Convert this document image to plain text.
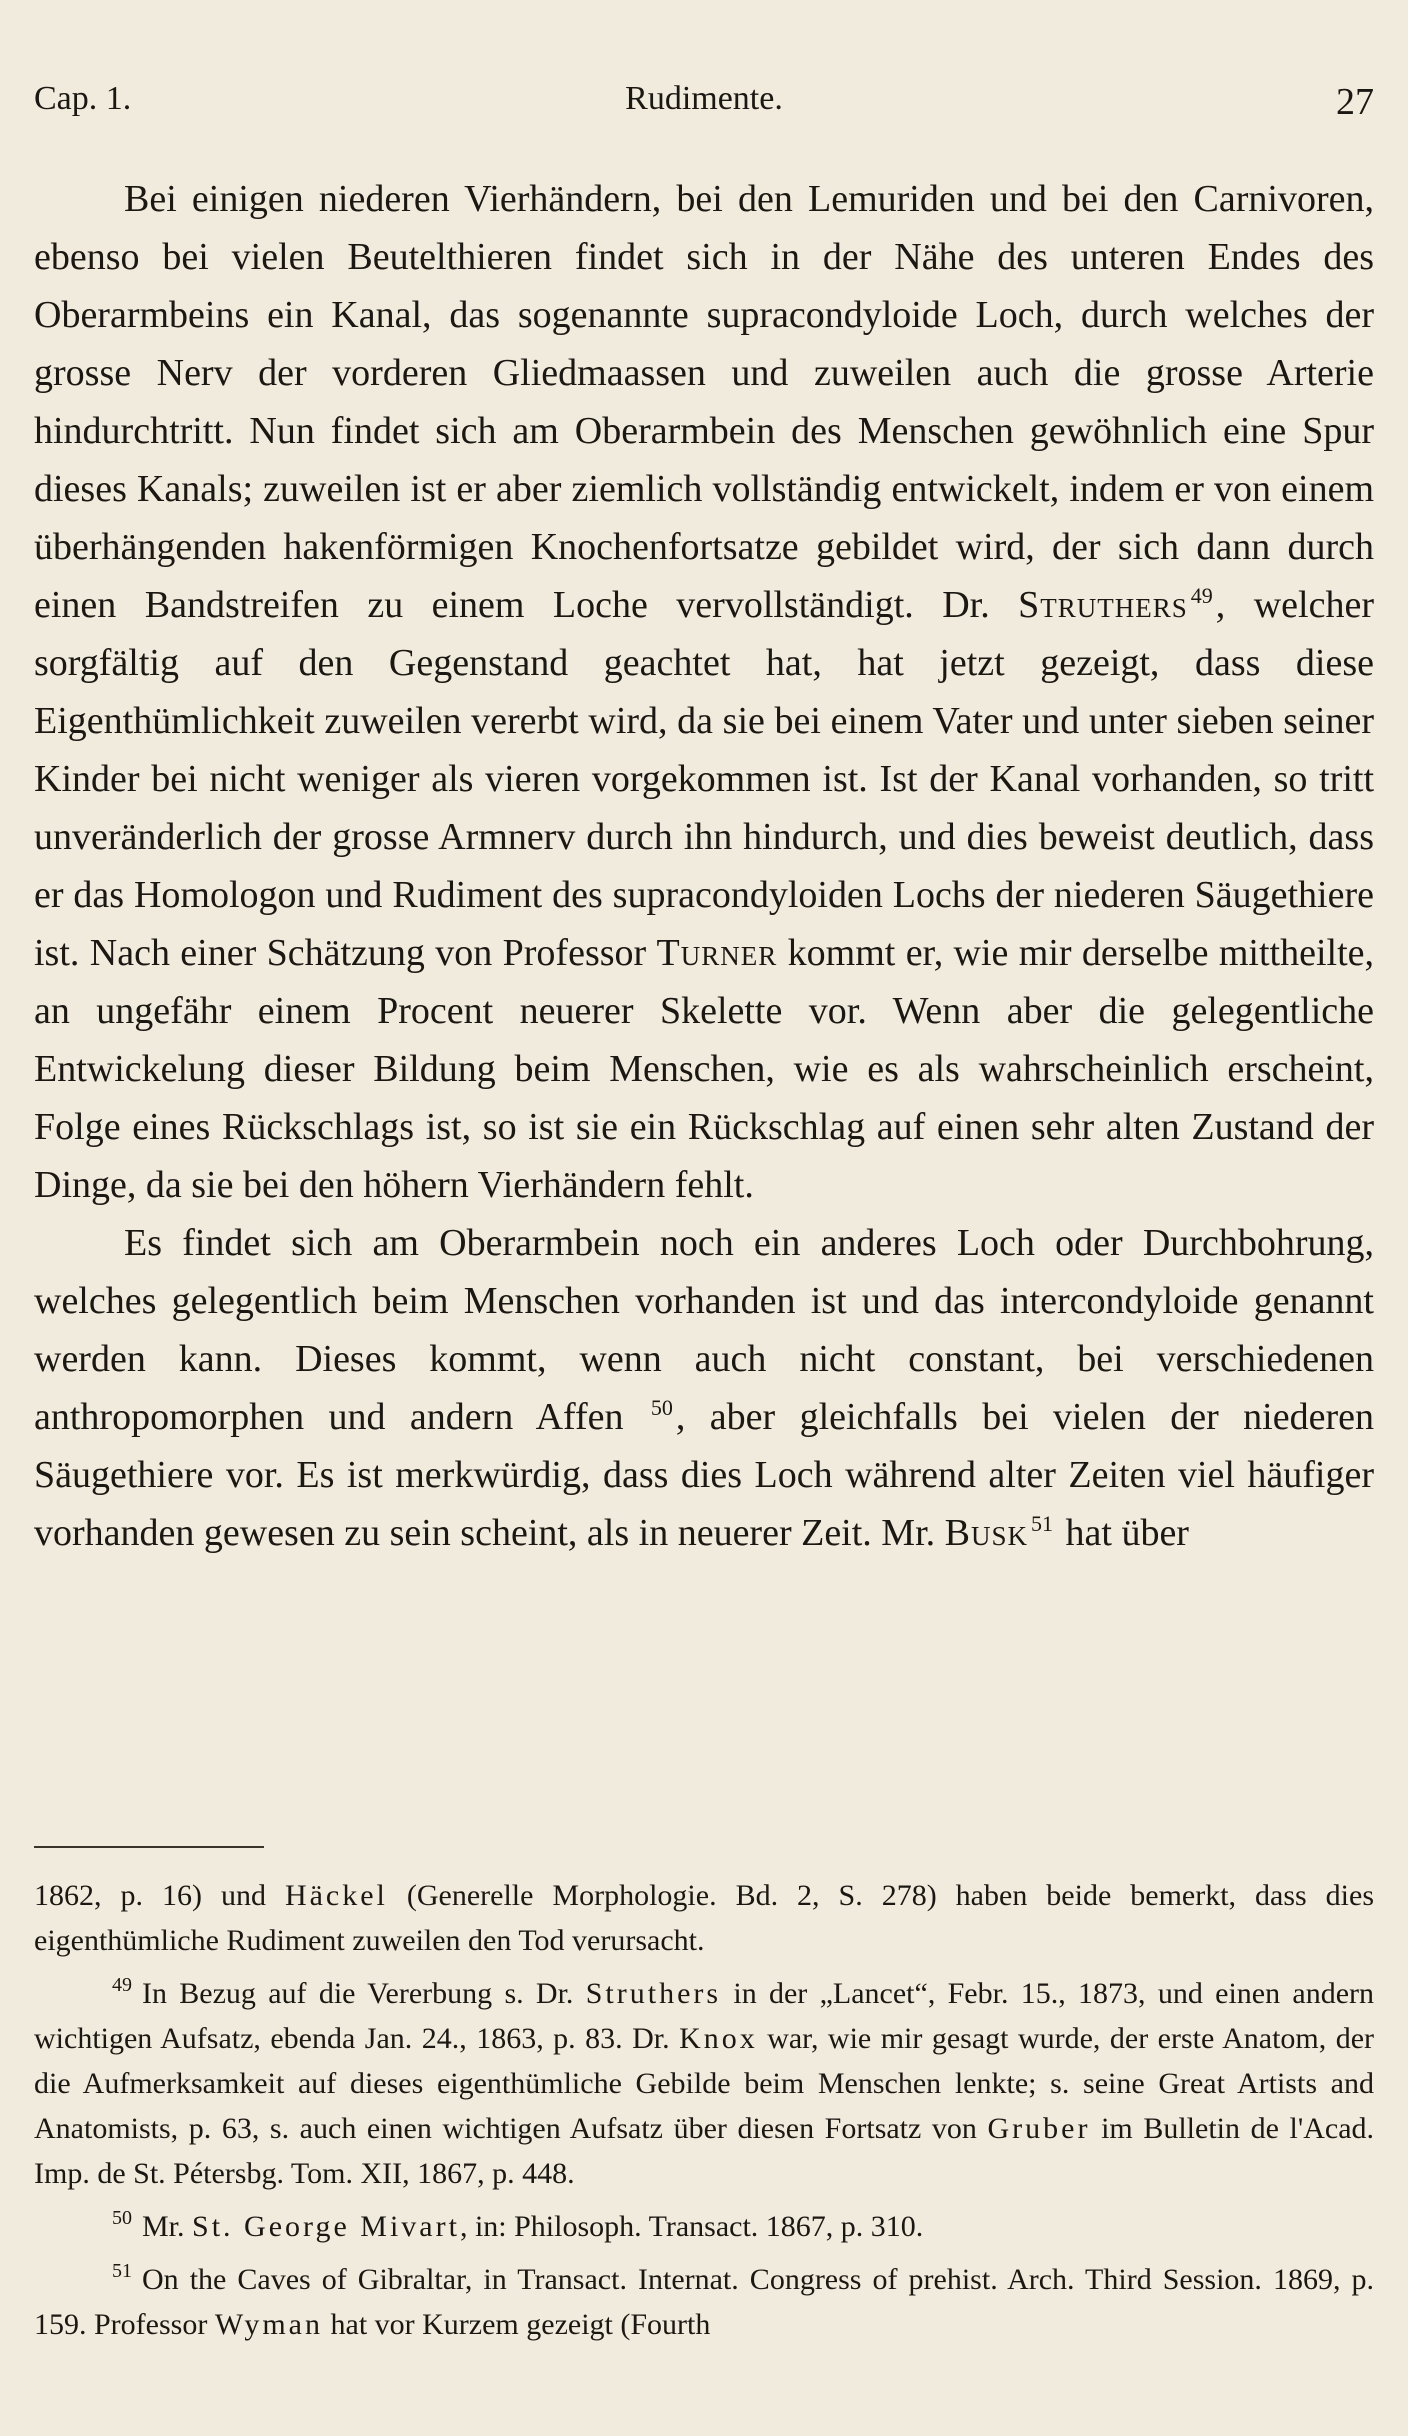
Cap. 1.	Rudimente.	27

Bei einigen niederen Vierhändern, bei den Lemuriden und bei den Carnivoren, ebenso bei vielen Beutelthieren findet sich in der Nähe des unteren Endes des Oberarmbeins ein Kanal, das sogenannte supracondyloide Loch, durch welches der grosse Nerv der vorderen Gliedmaassen und zuweilen auch die grosse Arterie hindurchtritt. Nun findet sich am Oberarmbein des Menschen gewöhnlich eine Spur dieses Kanals; zuweilen ist er aber ziemlich vollständig entwickelt, indem er von einem überhängenden hakenförmigen Knochenfortsatze gebildet wird, der sich dann durch einen Bandstreifen zu einem Loche vervollständigt. Dr. Struthers $^{49}$, welcher sorgfältig auf den Gegenstand geachtet hat, hat jetzt gezeigt, dass diese Eigenthümlichkeit zuweilen vererbt wird, da sie bei einem Vater und unter sieben seiner Kinder bei nicht weniger als vieren vorgekommen ist. Ist der Kanal vorhanden, so tritt unveränderlich der grosse Armnerv durch ihn hindurch, und dies beweist deutlich, dass er das Homologon und Rudiment des supracondyloiden Lochs der niederen Säugethiere ist. Nach einer Schätzung von Professor Turner kommt er, wie mir derselbe mittheilte, an ungefähr einem Procent neuerer Skelette vor. Wenn aber die gelegentliche Entwickelung dieser Bildung beim Menschen, wie es als wahrscheinlich erscheint, Folge eines Rückschlags ist, so ist sie ein Rückschlag auf einen sehr alten Zustand der Dinge, da sie bei den höhern Vierhändern fehlt.

Es findet sich am Oberarmbein noch ein anderes Loch oder Durchbohrung, welches gelegentlich beim Menschen vorhanden ist und das intercondyloide genannt werden kann. Dieses kommt, wenn auch nicht constant, bei verschiedenen anthropomorphen und andern Affen $^{50}$, aber gleichfalls bei vielen der niederen Säugethiere vor. Es ist merkwürdig, dass dies Loch während alter Zeiten viel häufiger vorhanden gewesen zu sein scheint, als in neuerer Zeit. Mr. Busk $^{51}$ hat über

1862, p. 16) und Häckel (Generelle Morphologie. Bd. 2, S. 278) haben beide bemerkt, dass dies eigenthümliche Rudiment zuweilen den Tod verursacht.

$^{49}$ In Bezug auf die Vererbung s. Dr. Struthers in der „Lancet“, Febr. 15., 1873, und einen andern wichtigen Aufsatz, ebenda Jan. 24., 1863, p. 83. Dr. Knox war, wie mir gesagt wurde, der erste Anatom, der die Aufmerksamkeit auf dieses eigenthümliche Gebilde beim Menschen lenkte; s. seine Great Artists and Anatomists, p. 63, s. auch einen wichtigen Aufsatz über diesen Fortsatz von Gruber im Bulletin de l'Acad. Imp. de St. Pétersbg. Tom. XII, 1867, p. 448.

$^{50}$ Mr. St. George Mivart, in: Philosoph. Transact. 1867, p. 310.

$^{51}$ On the Caves of Gibraltar, in Transact. Internat. Congress of prehist. Arch. Third Session. 1869, p. 159. Professor Wyman hat vor Kurzem gezeigt (Fourth
